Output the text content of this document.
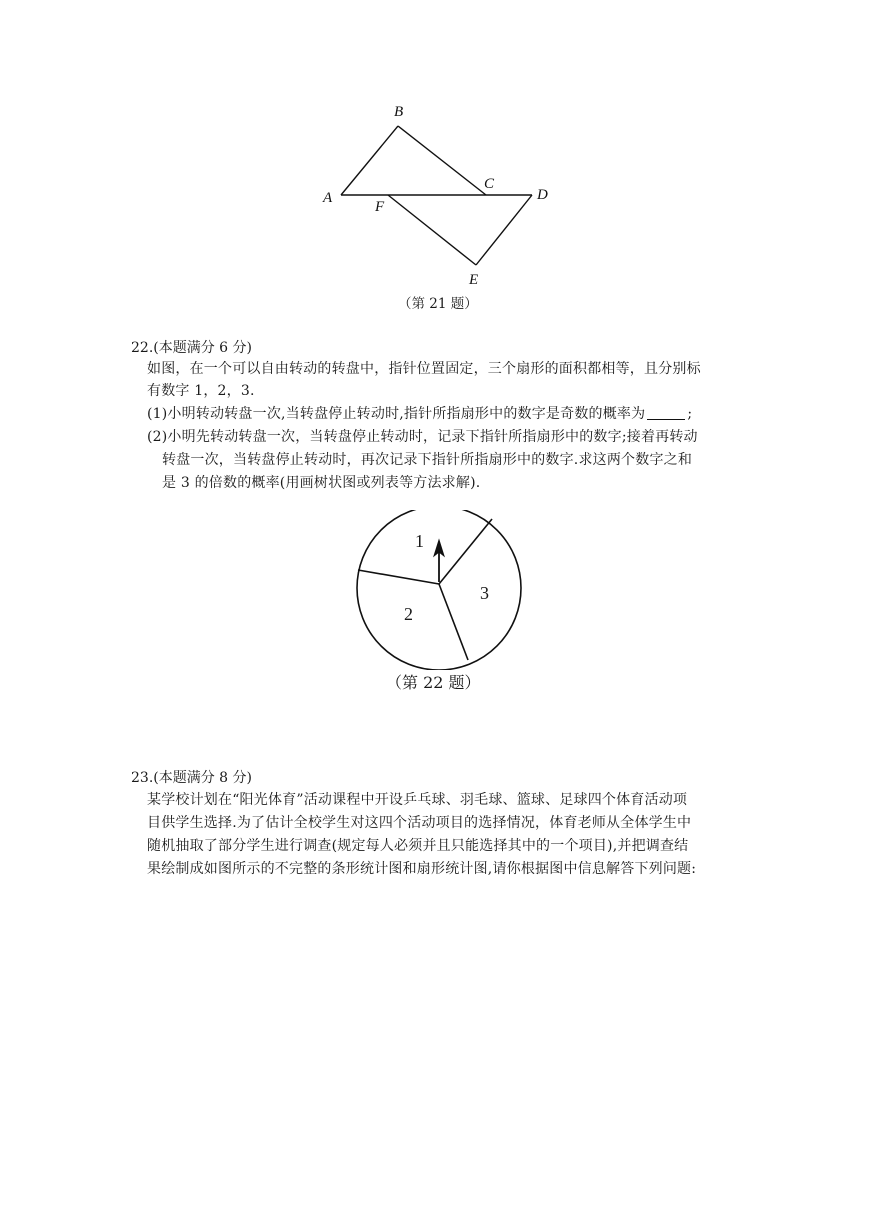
B
A
C
D
F
E
（第 21 题）
22.(本题满分 6 分)
如图，在一个可以自由转动的转盘中，指针位置固定，三个扇形的面积都相等，且分别标
有数字 1，2，3.
(1)小明转动转盘一次,当转盘停止转动时,指针所指扇形中的数字是奇数的概率为	;
(2)小明先转动转盘一次，当转盘停止转动时，记录下指针所指扇形中的数字;接着再转动
转盘一次，当转盘停止转动时，再次记录下指针所指扇形中的数字.求这两个数字之和
是 3 的倍数的概率(用画树状图或列表等方法求解).
1
2
3
（第 22 题）
23.(本题满分 8 分)
某学校计划在“阳光体育”活动课程中开设乒乓球、羽毛球、篮球、足球四个体育活动项
目供学生选择.为了估计全校学生对这四个活动项目的选择情况，体育老师从全体学生中
随机抽取了部分学生进行调查(规定每人必须并且只能选择其中的一个项目),并把调查结
果绘制成如图所示的不完整的条形统计图和扇形统计图,请你根据图中信息解答下列问题:
